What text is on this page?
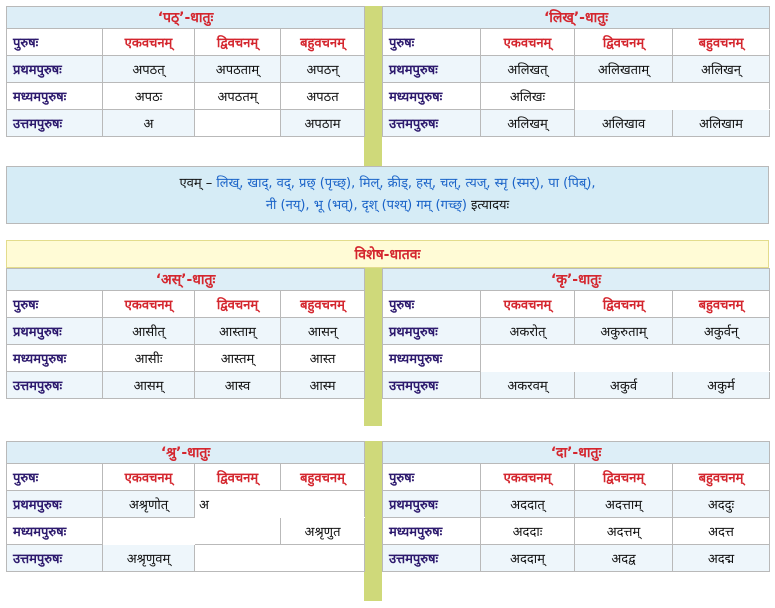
‘पठ्’-धातुः			
पुरुषः	एकवचनम्	द्विवचनम्	बहुवचनम्
प्रथमपुरुषः	अपठत्	अपठताम्	अपठन्
मध्यमपुरुषः	अपठः	अपठतम्	अपठत
उत्तमपुरुषः	अ		अपठाम
‘लिख्’-धातुः			
पुरुषः	एकवचनम्	द्विवचनम्	बहुवचनम्
प्रथमपुरुषः	अलिखत्	अलिखताम्	अलिखन्
मध्यमपुरुषः	अलिखः		
उत्तमपुरुषः	अलिखम्	अलिखाव	अलिखाम
एवम् – लिख्, खाद्, वद्, प्रछ् (पृच्छ्), मिल्, क्रीड्, हस्, चल्, त्यज्, स्मृ (स्मर्), पा (पिब्),
नी (नय्), भू (भव्), दृश् (पश्य्) गम् (गच्छ्) इत्यादयः
विशेष-धातवः
‘अस्’-धातुः			
पुरुषः	एकवचनम्	द्विवचनम्	बहुवचनम्
प्रथमपुरुषः	आसीत्	आस्ताम्	आसन्
मध्यमपुरुषः	आसीः	आस्तम्	आस्त
उत्तमपुरुषः	आसम्	आस्व	आस्म
‘कृ’-धातुः			
पुरुषः	एकवचनम्	द्विवचनम्	बहुवचनम्
प्रथमपुरुषः	अकरोत्	अकुरुताम्	अकुर्वन्
मध्यमपुरुषः			
उत्तमपुरुषः	अकरवम्	अकुर्व	अकुर्म
‘श्रु’-धातुः			
पुरुषः	एकवचनम्	द्विवचनम्	बहुवचनम्
प्रथमपुरुषः	अश्रृणोत्	अ	
मध्यमपुरुषः			अश्रृणुत
उत्तमपुरुषः	अश्रृणुवम्		
‘दा’-धातुः			
पुरुषः	एकवचनम्	द्विवचनम्	बहुवचनम्
प्रथमपुरुषः	अददात्	अदत्ताम्	अददुः
मध्यमपुरुषः	अददाः	अदत्तम्	अदत्त
उत्तमपुरुषः	अददाम्	अदद्व	अदद्म
